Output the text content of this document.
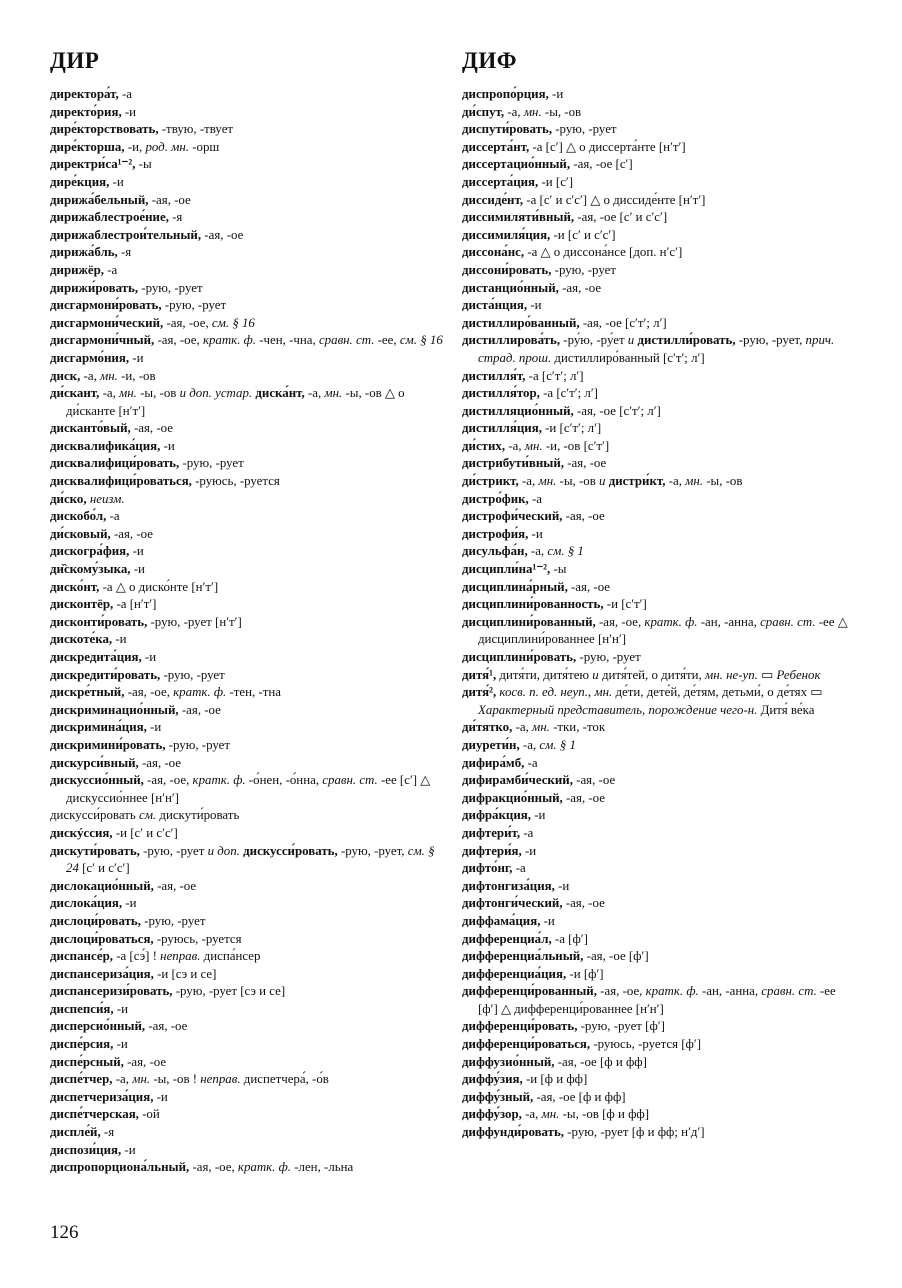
ДИР	ДИФ
директора́т, -а
директо́рия, -и
дире́кторствовать, -твую, -твует
дире́кторша, -и, род. мн. -орш
директри́са¹⁻², -ы
дире́кция, -и
дирижа́бельный, -ая, -ое
дирижаблестрое́ние, -я
дирижаблестрои́тельный, -ая, -ое
дирижа́бль, -я
дирижёр, -а
дирижи́ровать, -рую, -рует
дисгармони́ровать, -рую, -рует
дисгармони́ческий, -ая, -ое, см. § 16
дисгармони́чный, -ая, -ое, кратк. ф. -чен, -чна, сравн. ст. -ее, см. § 16
дисгармо́ния, -и
диск, -а, мн. -и, -ов
ди́скант, -а, мн. -ы, -ов и доп. устар. диска́нт, -а, мн. -ы, -ов △ о ди́сканте [нʹтʹ]
дисканто́вый, -ая, -ое
дисквалифика́ция, -и
дисквалифици́ровать, -рую, -рует
дисквалифици́роваться, -руюсь, -руется
ди́ско, неизм.
дискобо́л, -а
ди́сковый, -ая, -ое
дискогра́фия, -и
ди̏скому́зыка, -и
диско́нт, -а △ о диско́нте [нʹтʹ]
дисконтёр, -а [нʹтʹ]
дисконти́ровать, -рую, -рует [нʹтʹ]
дискоте́ка, -и
дискредита́ция, -и
дискредити́ровать, -рую, -рует
дискре́тный, -ая, -ое, кратк. ф. -тен, -тна
дискриминацио́нный, -ая, -ое
дискримина́ция, -и
дискримини́ровать, -рую, -рует
дискурси́вный, -ая, -ое
дискуссио́нный, -ая, -ое, кратк. ф. -о́нен, -о́нна, сравн. ст. -ее [сʹ] △ дискуссио́ннее [нʹнʹ]
дискусси́ровать см. дискути́ровать
дискýссия, -и [сʹ и сʹсʹ]
дискути́ровать, -рую, -рует и доп. дискусси́ровать, -рую, -рует, см. § 24 [сʹ и сʹсʹ]
дислокацио́нный, -ая, -ое
дислока́ция, -и
дислоци́ровать, -рую, -рует
дислоци́роваться, -руюсь, -руется
диспансе́р, -а [сэ́] ! неправ. диспа́нсер
диспансериза́ция, -и [сэ и се]
диспансеризи́ровать, -рую, -рует [сэ и се]
диспепси́я, -и
дисперсио́нный, -ая, -ое
диспе́рсия, -и
диспе́рсный, -ая, -ое
диспе́тчер, -а, мн. -ы, -ов ! неправ. диспетчера́, -о́в
диспетчериза́ция, -и
диспе́тчерская, -ой
диспле́й, -я
диспози́ция, -и
диспропорциона́льный, -ая, -ое, кратк. ф. -лен, -льна
диспропо́рция, -и
ди́спут, -а, мн. -ы, -ов
диспути́ровать, -рую, -рует
диссерта́нт, -а [сʹ] △ о диссерта́нте [нʹтʹ]
диссертацио́нный, -ая, -ое [сʹ]
диссерта́ция, -и [сʹ]
диссиде́нт, -а [сʹ и сʹсʹ] △ о диссиде́нте [нʹтʹ]
диссимиляти́вный, -ая, -ое [сʹ и сʹсʹ]
диссимиля́ция, -и [сʹ и сʹсʹ]
диссона́нс, -а △ о диссона́нсе [доп. нʹсʹ]
диссони́ровать, -рую, -рует
дистанцио́нный, -ая, -ое
диста́нция, -и
дистиллиро́ванный, -ая, -ое [сʹтʹ; лʹ]
дистиллирова́ть, -ру́ю, -ру́ет и дистилли́ровать, -рую, -рует, прич. страд. прош. дистиллиро́ванный [сʹтʹ; лʹ]
дистилля́т, -а [сʹтʹ; лʹ]
дистилля́тор, -а [сʹтʹ; лʹ]
дистилляцио́нный, -ая, -ое [сʹтʹ; лʹ]
дистилля́ция, -и [сʹтʹ; лʹ]
ди́стих, -а, мн. -и, -ов [сʹтʹ]
дистрибути́вный, -ая, -ое
ди́стрикт, -а, мн. -ы, -ов и дистри́кт, -а, мн. -ы, -ов
дистро́фик, -а
дистрофи́ческий, -ая, -ое
дистрофи́я, -и
дисульфа́н, -а, см. § 1
дисципли́на¹⁻², -ы
дисциплина́рный, -ая, -ое
дисциплини́рованность, -и [сʹтʹ]
дисциплини́рованный, -ая, -ое, кратк. ф. -ан, -анна, сравн. ст. -ее △ дисциплини́рованнее [нʹнʹ]
дисциплини́ровать, -рую, -рует
дитя́¹, дитя́ти, дитя́тею и дитя́тей, о дитя́ти, мн. не-уп. ▭ Ребенок
дитя́², косв. п. ед. неуп., мн. де́ти, дете́й, де́тям, детьми́, о де́тях ▭ Характерный представитель, порождение чего-н. Дитя́ ве́ка
ди́тятко, -а, мн. -тки, -ток
диурети́н, -а, см. § 1
дифира́мб, -а
дифирамби́ческий, -ая, -ое
дифракцио́нный, -ая, -ое
дифра́кция, -и
дифтери́т, -а
дифтери́я, -и
дифто́нг, -а
дифтонгиза́ция, -и
дифтонги́ческий, -ая, -ое
диффама́ция, -и
дифференциа́л, -а [фʹ]
дифференциа́льный, -ая, -ое [фʹ]
дифференциа́ция, -и [фʹ]
дифференци́рованный, -ая, -ое, кратк. ф. -ан, -анна, сравн. ст. -ее [фʹ] △ дифференци́рованнее [нʹнʹ]
дифференци́ровать, -рую, -рует [фʹ]
дифференци́роваться, -руюсь, -руется [фʹ]
диффузио́нный, -ая, -ое [ф и фф]
диффу́зия, -и [ф и фф]
диффу́зный, -ая, -ое [ф и фф]
диффу́зор, -а, мн. -ы, -ов [ф и фф]
диффунди́ровать, -рую, -рует [ф и фф; нʹдʹ]
126
